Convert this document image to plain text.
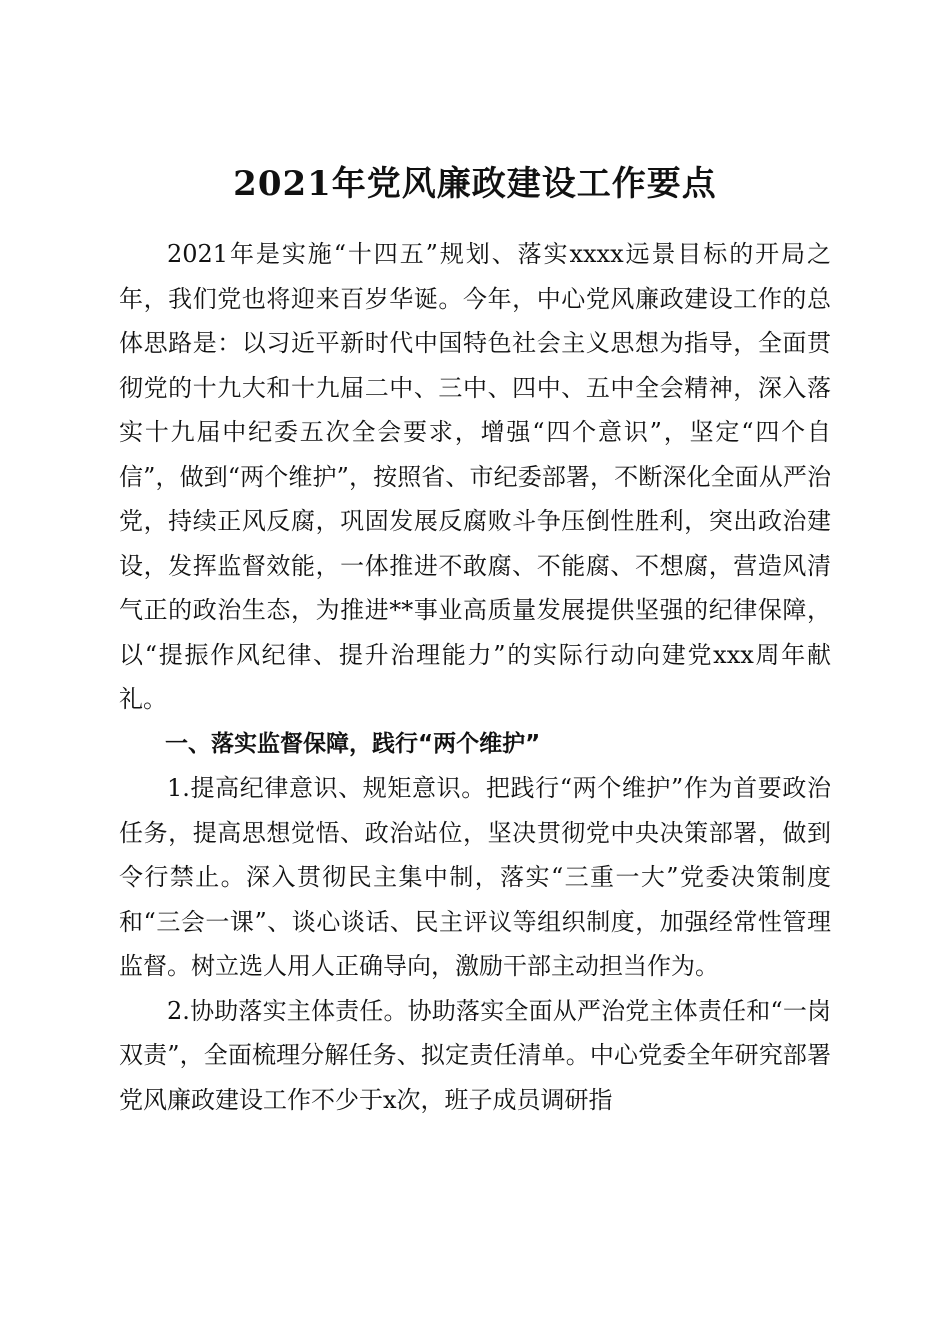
2021年党风廉政建设工作要点

2021年是实施“十四五”规划、落实xxxx远景目标的开局之年，我们党也将迎来百岁华诞。今年，中心党风廉政建设工作的总体思路是：以习近平新时代中国特色社会主义思想为指导，全面贯彻党的十九大和十九届二中、三中、四中、五中全会精神，深入落实十九届中纪委五次全会要求，增强“四个意识”，坚定“四个自信”，做到“两个维护”，按照省、市纪委部署，不断深化全面从严治党，持续正风反腐，巩固发展反腐败斗争压倒性胜利，突出政治建设，发挥监督效能，一体推进不敢腐、不能腐、不想腐，营造风清气正的政治生态，为推进**事业高质量发展提供坚强的纪律保障，以“提振作风纪律、提升治理能力”的实际行动向建党xxx周年献礼。

一、落实监督保障，践行“两个维护”

1.提高纪律意识、规矩意识。把践行“两个维护”作为首要政治任务，提高思想觉悟、政治站位，坚决贯彻党中央决策部署，做到令行禁止。深入贯彻民主集中制，落实“三重一大”党委决策制度和“三会一课”、谈心谈话、民主评议等组织制度，加强经常性管理监督。树立选人用人正确导向，激励干部主动担当作为。

2.协助落实主体责任。协助落实全面从严治党主体责任和“一岗双责”，全面梳理分解任务、拟定责任清单。中心党委全年研究部署党风廉政建设工作不少于x次，班子成员调研指
